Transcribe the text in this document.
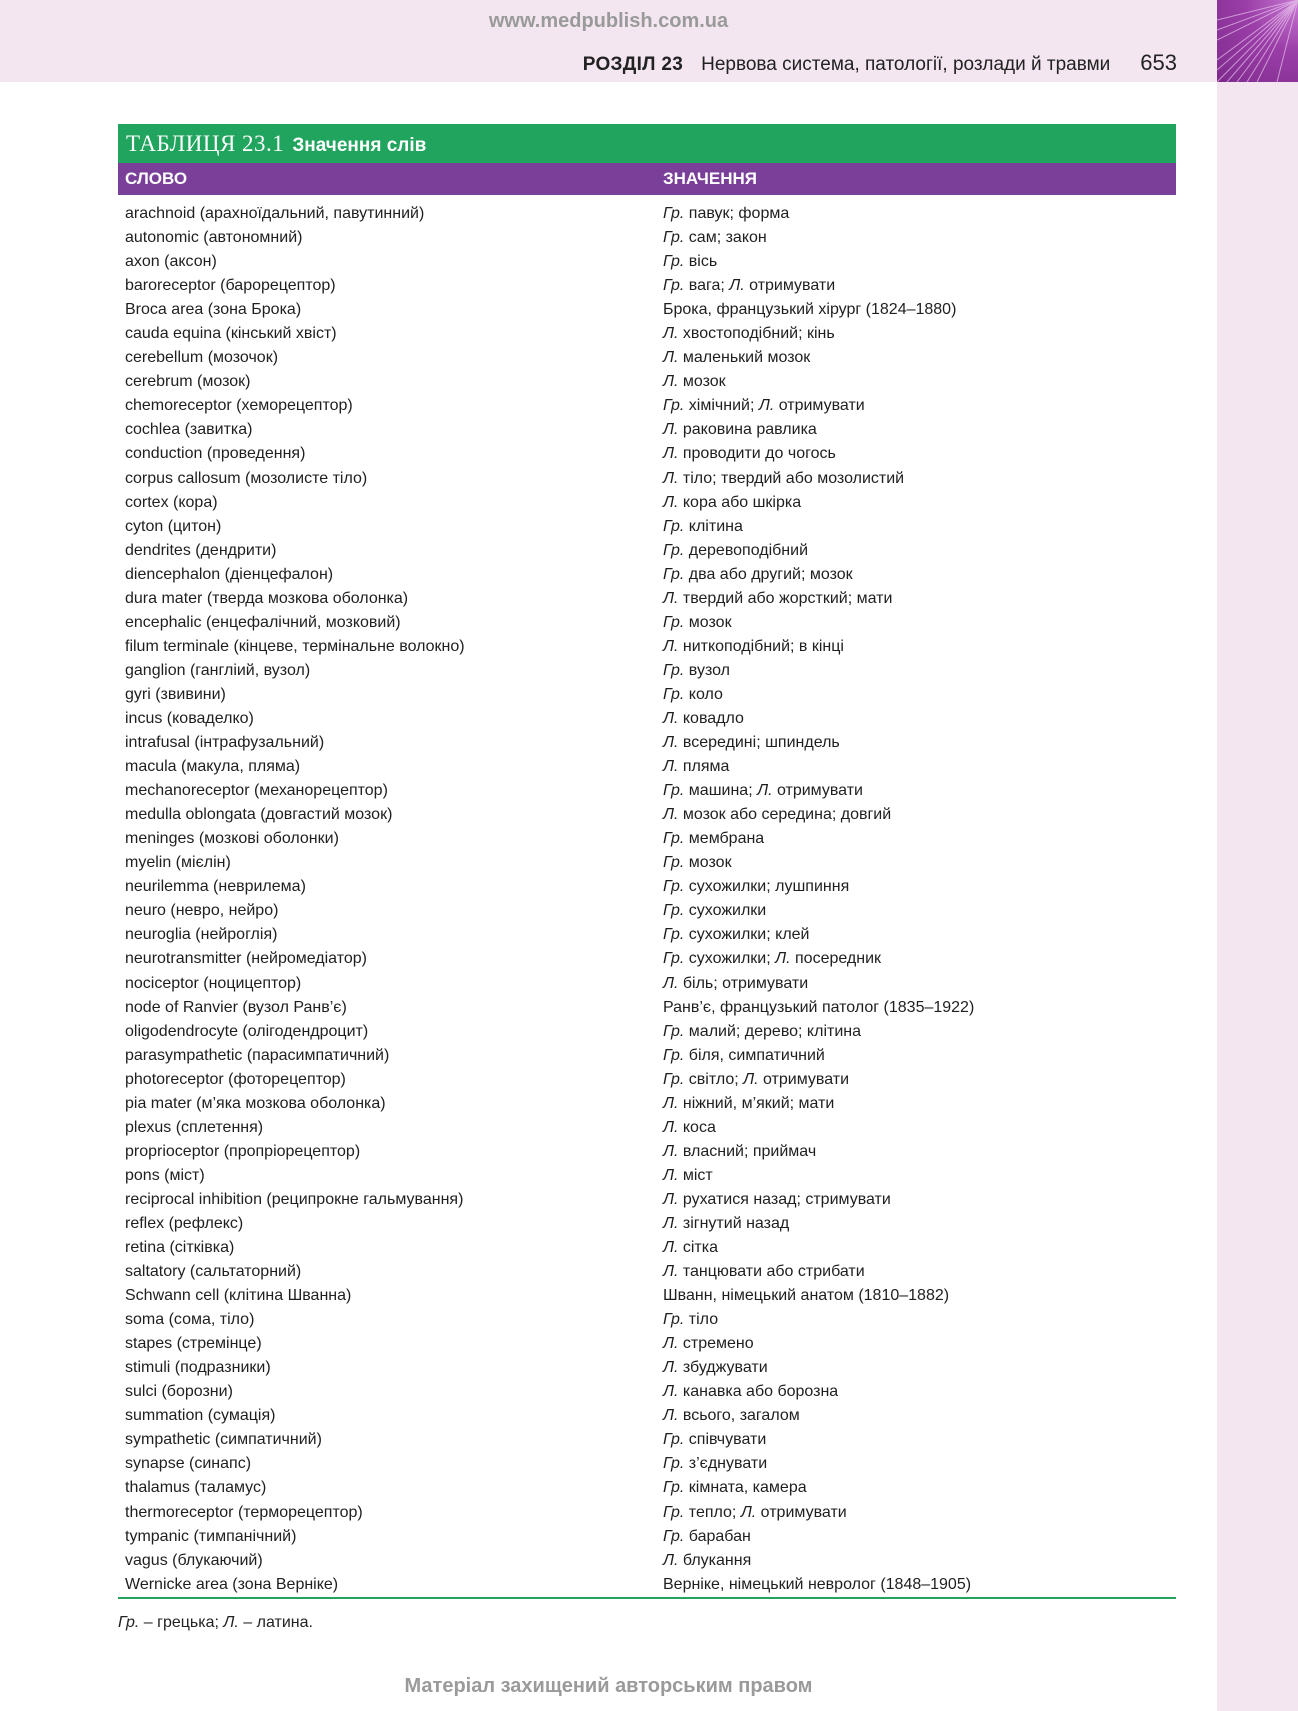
www.medpublish.com.ua
РОЗДІЛ 23 Нервова система, патології, розлади й травми 653
ТАБЛИЦЯ 23.1 Значення слів
СЛОВО	ЗНАЧЕННЯ
arachnoid (арахноїдальний, павутинний)	Гр. павук; форма
autonomic (автономний)	Гр. сам; закон
axon (аксон)	Гр. вісь
baroreceptor (барорецептор)	Гр. вага; Л. отримувати
Broca area (зона Брока)	Брока, французький хірург (1824–1880)
cauda equina (кінський хвіст)	Л. хвостоподібний; кінь
cerebellum (мозочок)	Л. маленький мозок
cerebrum (мозок)	Л. мозок
chemoreceptor (хеморецептор)	Гр. хімічний; Л. отримувати
cochlea (завитка)	Л. раковина равлика
conduction (проведення)	Л. проводити до чогось
corpus callosum (мозолисте тіло)	Л. тіло; твердий або мозолистий
cortex (кора)	Л. кора або шкірка
cyton (цитон)	Гр. клітина
dendrites (дендрити)	Гр. деревоподібний
diencephalon (діенцефалон)	Гр. два або другий; мозок
dura mater (тверда мозкова оболонка)	Л. твердий або жорсткий; мати
encephalic (енцефалічний, мозковий)	Гр. мозок
filum terminale (кінцеве, термінальне волокно)	Л. ниткоподібний; в кінці
ganglion (гангліий, вузол)	Гр. вузол
gyri (звивини)	Гр. коло
incus (коваделко)	Л. ковадло
intrafusal (інтрафузальний)	Л. всередині; шпиндель
macula (макула, пляма)	Л. пляма
mechanoreceptor (механорецептор)	Гр. машина; Л. отримувати
medulla oblongata (довгастий мозок)	Л. мозок або середина; довгий
meninges (мозкові оболонки)	Гр. мембрана
myelin (мієлін)	Гр. мозок
neurilemma (неврилема)	Гр. сухожилки; лушпиння
neuro (невро, нейро)	Гр. сухожилки
neuroglia (нейроглія)	Гр. сухожилки; клей
neurotransmitter (нейромедіатор)	Гр. сухожилки; Л. посередник
nociceptor (ноцицептор)	Л. біль; отримувати
node of Ranvier (вузол Ранв’є)	Ранв’є, французький патолог (1835–1922)
oligodendrocyte (олігодендроцит)	Гр. малий; дерево; клітина
parasympathetic (парасимпатичний)	Гр. біля, симпатичний
photoreceptor (фоторецептор)	Гр. світло; Л. отримувати
pia mater (м’яка мозкова оболонка)	Л. ніжний, м’який; мати
plexus (сплетення)	Л. коса
proprioceptor (пропріорецептор)	Л. власний; приймач
pons (міст)	Л. міст
reciprocal inhibition (реципрокне гальмування)	Л. рухатися назад; стримувати
reflex (рефлекс)	Л. зігнутий назад
retina (сітківка)	Л. сітка
saltatory (сальтаторний)	Л. танцювати або стрибати
Schwann cell (клітина Шванна)	Шванн, німецький анатом (1810–1882)
soma (сома, тіло)	Гр. тіло
stapes (стремінце)	Л. стремено
stimuli (подразники)	Л. збуджувати
sulci (борозни)	Л. канавка або борозна
summation (сумація)	Л. всього, загалом
sympathetic (симпатичний)	Гр. співчувати
synapse (синапс)	Гр. з’єднувати
thalamus (таламус)	Гр. кімната, камера
thermoreceptor (терморецептор)	Гр. тепло; Л. отримувати
tympanic (тимпанічний)	Гр. барабан
vagus (блукаючий)	Л. блукання
Wernicke area (зона Верніке)	Верніке, німецький невролог (1848–1905)
Гр. – грецька; Л. – латина.
Матеріал захищений авторським правом
